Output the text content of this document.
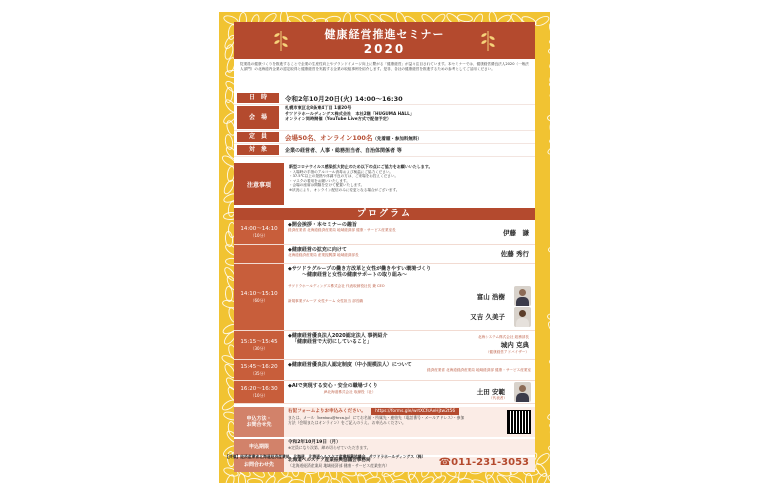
健康経営推進セミナー
2020
従業員の健康づくりを推進することで企業の生産性向上やブランドイメージ向上に繋がる「健康経営」が益々注目されています。本セミナーでは、健康経営優良法人2020（一般法人部門）の北海道内企業の認定取得と健康経営を実践する企業の取組事例を紹介します。是非、各社の健康経営を推進するための参考としてご活用ください。
日　時	令和2年10月20日(火) 14:00～16:30
会　場
札幌市東区北8条東4丁目 1番20号
サツドラホールディングス株式会社　本社2階「HUGUMA HALL」
オンライン同時開催（YouTube Live方式で配信予定）
定　員	会場50名、オンライン100名（先着順・参加料無料）
対　象	企業の経営者、人事・総務担当者、自治体関係者 等
注意事項
新型コロナウイルス感染拡大防止のため以下の点にご協力をお願いいたします。
・入場時の手指のアルコール消毒および検温にご協力ください。
・37.5℃以上の発熱や体調不良の方は、ご来場をお控えください。
・マスクの着用をお願いいたします。
・会場の座席は間隔を空けて配置いたします。
※状況により、オンライン配信のみに変更となる場合がございます。
プログラム
14:00～14:10
（10分）
◆開会挨拶・本セミナーの趣旨
経済産業省 北海道経済産業局 地域経済部 健康・サービス産業室長	伊藤　謙
◆健康経営の拡充に向けて
北海道経済産業局 産業振興課 地域経済部長	佐藤 秀行
14:10～15:10
（60分）
◆サツドラグループの働き方改革と女性が働きやすい環境づくり
～健康経営と女性の健康サポートの取り組み～
サツドラホールディングス株式会社 代表取締役社長 兼 CEO
富山 浩樹
新規事業グループ 女性チーム 女性担当 部長職
又吉 久美子
15:15～15:45
（30分）
◆健康経営優良法人2020認定法人 事例紹介
「健康経営で大切にしていること」
北海システム株式会社 総務部長
城内 克典
（健康経営アドバイザー）
15:45～16:20
（35分）
◆健康経営優良法人認定制度（中小規模法人）について
経済産業省 北海道経済産業局 地域経済部 健康・サービス産業室
16:20～16:30
（10分）
◆AIで実現する安心・安全の職場づくり
JR北海道株式会社 取締役（社）	土田 安範
（代表者）
申込方法・
お問合せ先
右記フォームよりお申込みください。 https://forms.gle/wrtXCfsAeHjtw2t56
または、メール（kenkou@hrca.jp）にてお名前・所属先・連絡先（電話番号・メールアドレス）・参加方法（会場またはオンライン）をご記入のうえ、お申込みください。
申込期限
令和2年10月19日（月）
※定員になり次第、締め切らせていただきます。
お問合わせ先
北海道ヘルスケア産業振興協議会事務局
（北海道経済産業局 地域経済部 健康・サービス産業室内）	☎011-231-3053
【共催】経済産業省北海道経済産業局、北海道、北海道ヘルスケア産業振興協議会、サツドラホールディングス（株）
